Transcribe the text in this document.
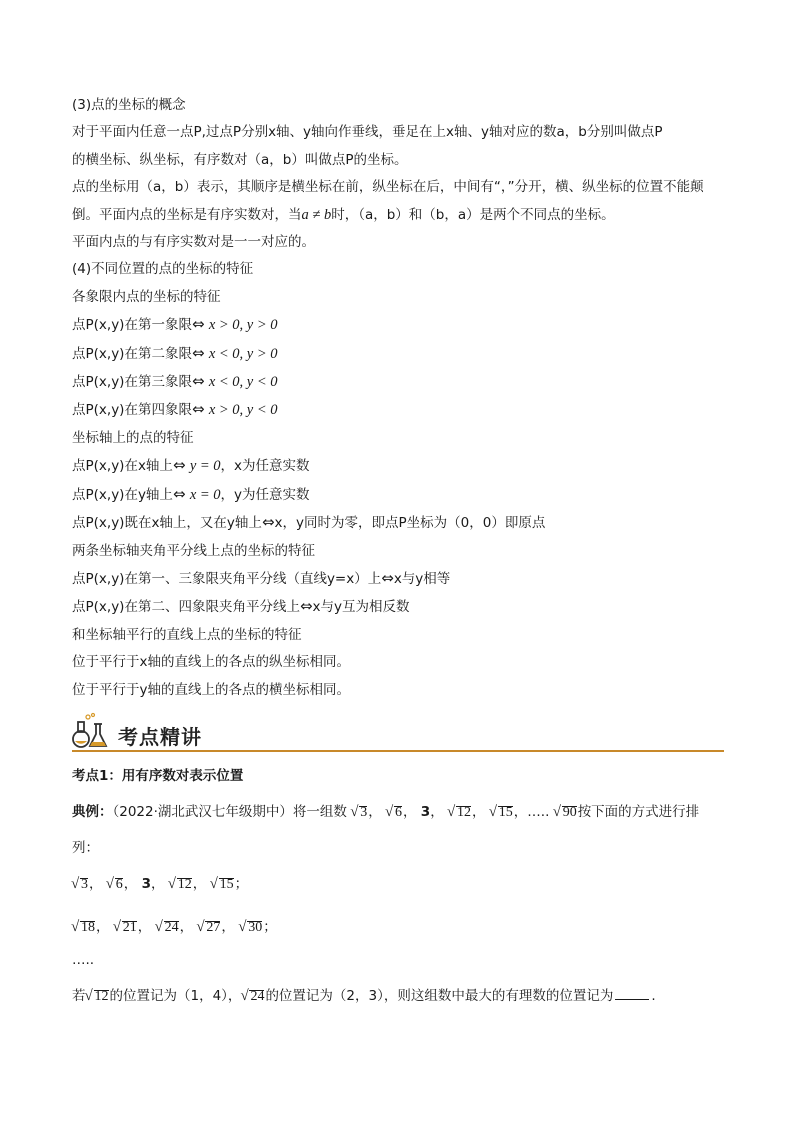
(3)点的坐标的概念
对于平面内任意一点P,过点P分别x轴、y轴向作垂线，垂足在上x轴、y轴对应的数a，b分别叫做点P
的横坐标、纵坐标，有序数对（a，b）叫做点P的坐标。
点的坐标用（a，b）表示，其顺序是横坐标在前，纵坐标在后，中间有“，”分开，横、纵坐标的位置不能颠
倒。平面内点的坐标是有序实数对，当a ≠ b时，（a，b）和（b，a）是两个不同点的坐标。
平面内点的与有序实数对是一一对应的。
(4)不同位置的点的坐标的特征
各象限内点的坐标的特征
点P(x,y)在第一象限⇔ x > 0, y > 0
点P(x,y)在第二象限⇔ x < 0, y > 0
点P(x,y)在第三象限⇔ x < 0, y < 0
点P(x,y)在第四象限⇔ x > 0, y < 0
坐标轴上的点的特征
点P(x,y)在x轴上⇔ y = 0，x为任意实数
点P(x,y)在y轴上⇔ x = 0，y为任意实数
点P(x,y)既在x轴上，又在y轴上⇔x，y同时为零，即点P坐标为（0，0）即原点
两条坐标轴夹角平分线上点的坐标的特征
点P(x,y)在第一、三象限夹角平分线（直线y=x）上⇔x与y相等
点P(x,y)在第二、四象限夹角平分线上⇔x与y互为相反数
和坐标轴平行的直线上点的坐标的特征
位于平行于x轴的直线上的各点的纵坐标相同。
位于平行于y轴的直线上的各点的横坐标相同。
考点精讲
考点1：用有序数对表示位置
典例：（2022·湖北武汉七年级期中）将一组数 √ 3， √ 6， 3， √ 12， √ 15，….. √ 90按下面的方式进行排
列：
√ 3， √ 6， 3， √ 12， √ 15；
√ 18， √ 21， √ 24， √ 27， √ 30；
…..
若 √ 12的位置记为（1，4）， √ 24的位置记为（2，3），则这组数中最大的有理数的位置记为	.
